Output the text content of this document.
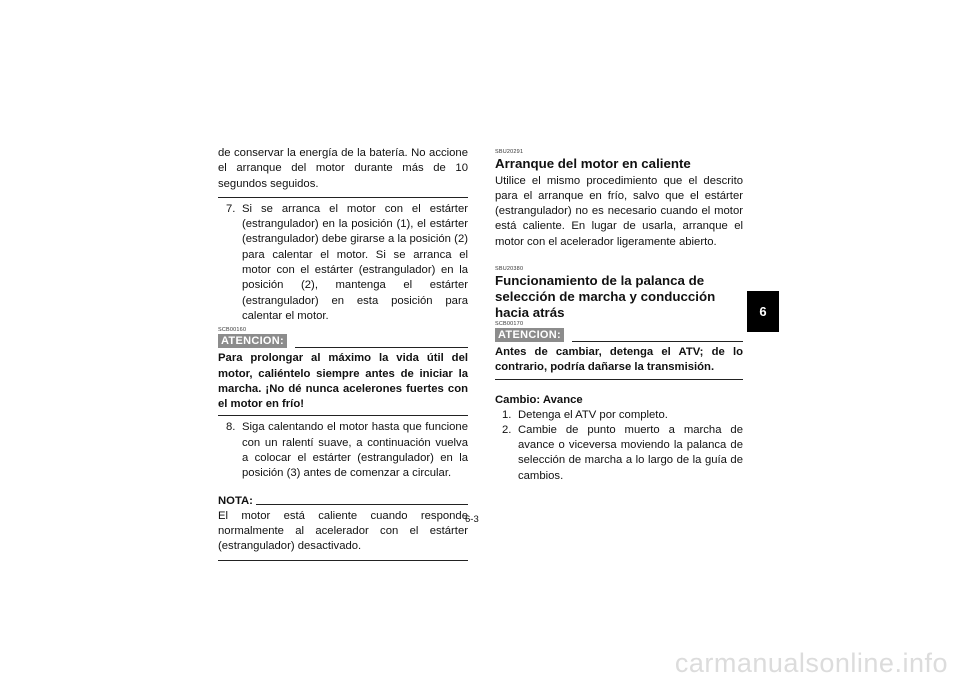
de conservar la energía de la batería. No accione el arranque del motor durante más de 10 segundos seguidos.

7. Si se arranca el motor con el estárter (estrangulador) en la posición (1), el estárter (estrangulador) debe girarse a la posición (2) para calentar el motor. Si se arranca el motor con el estárter (estrangulador) en la posición (2), mantenga el estárter (estrangulador) en esta posición para calentar el motor.
SCB00160
ATENCION:

Para prolongar al máximo la vida útil del motor, caliéntelo siempre antes de iniciar la marcha. ¡No dé nunca acelerones fuertes con el motor en frío!

8. Siga calentando el motor hasta que funcione con un ralentí suave, a continuación vuelva a colocar el estárter (estrangulador) en la posición (3) antes de comenzar a circular.
NOTA:

El motor está caliente cuando responde normalmente al acelerador con el estárter (estrangulador) desactivado.

SBU20291
Arranque del motor en caliente

Utilice el mismo procedimiento que el descrito para el arranque en frío, salvo que el estárter (estrangulador) no es necesario cuando el motor está caliente. En lugar de usarla, arranque el motor con el acelerador ligeramente abierto.

SBU20380
Funcionamiento de la palanca de selección de marcha y conducción hacia atrás
SCB00170
ATENCION:

Antes de cambiar, detenga el ATV; de lo contrario, podría dañarse la transmisión.

Cambio: Avance
1. Detenga el ATV por completo.
2. Cambie de punto muerto a marcha de avance o viceversa moviendo la palanca de selección de marcha a lo largo de la guía de cambios.
6
6-3
carmanualsonline.info
